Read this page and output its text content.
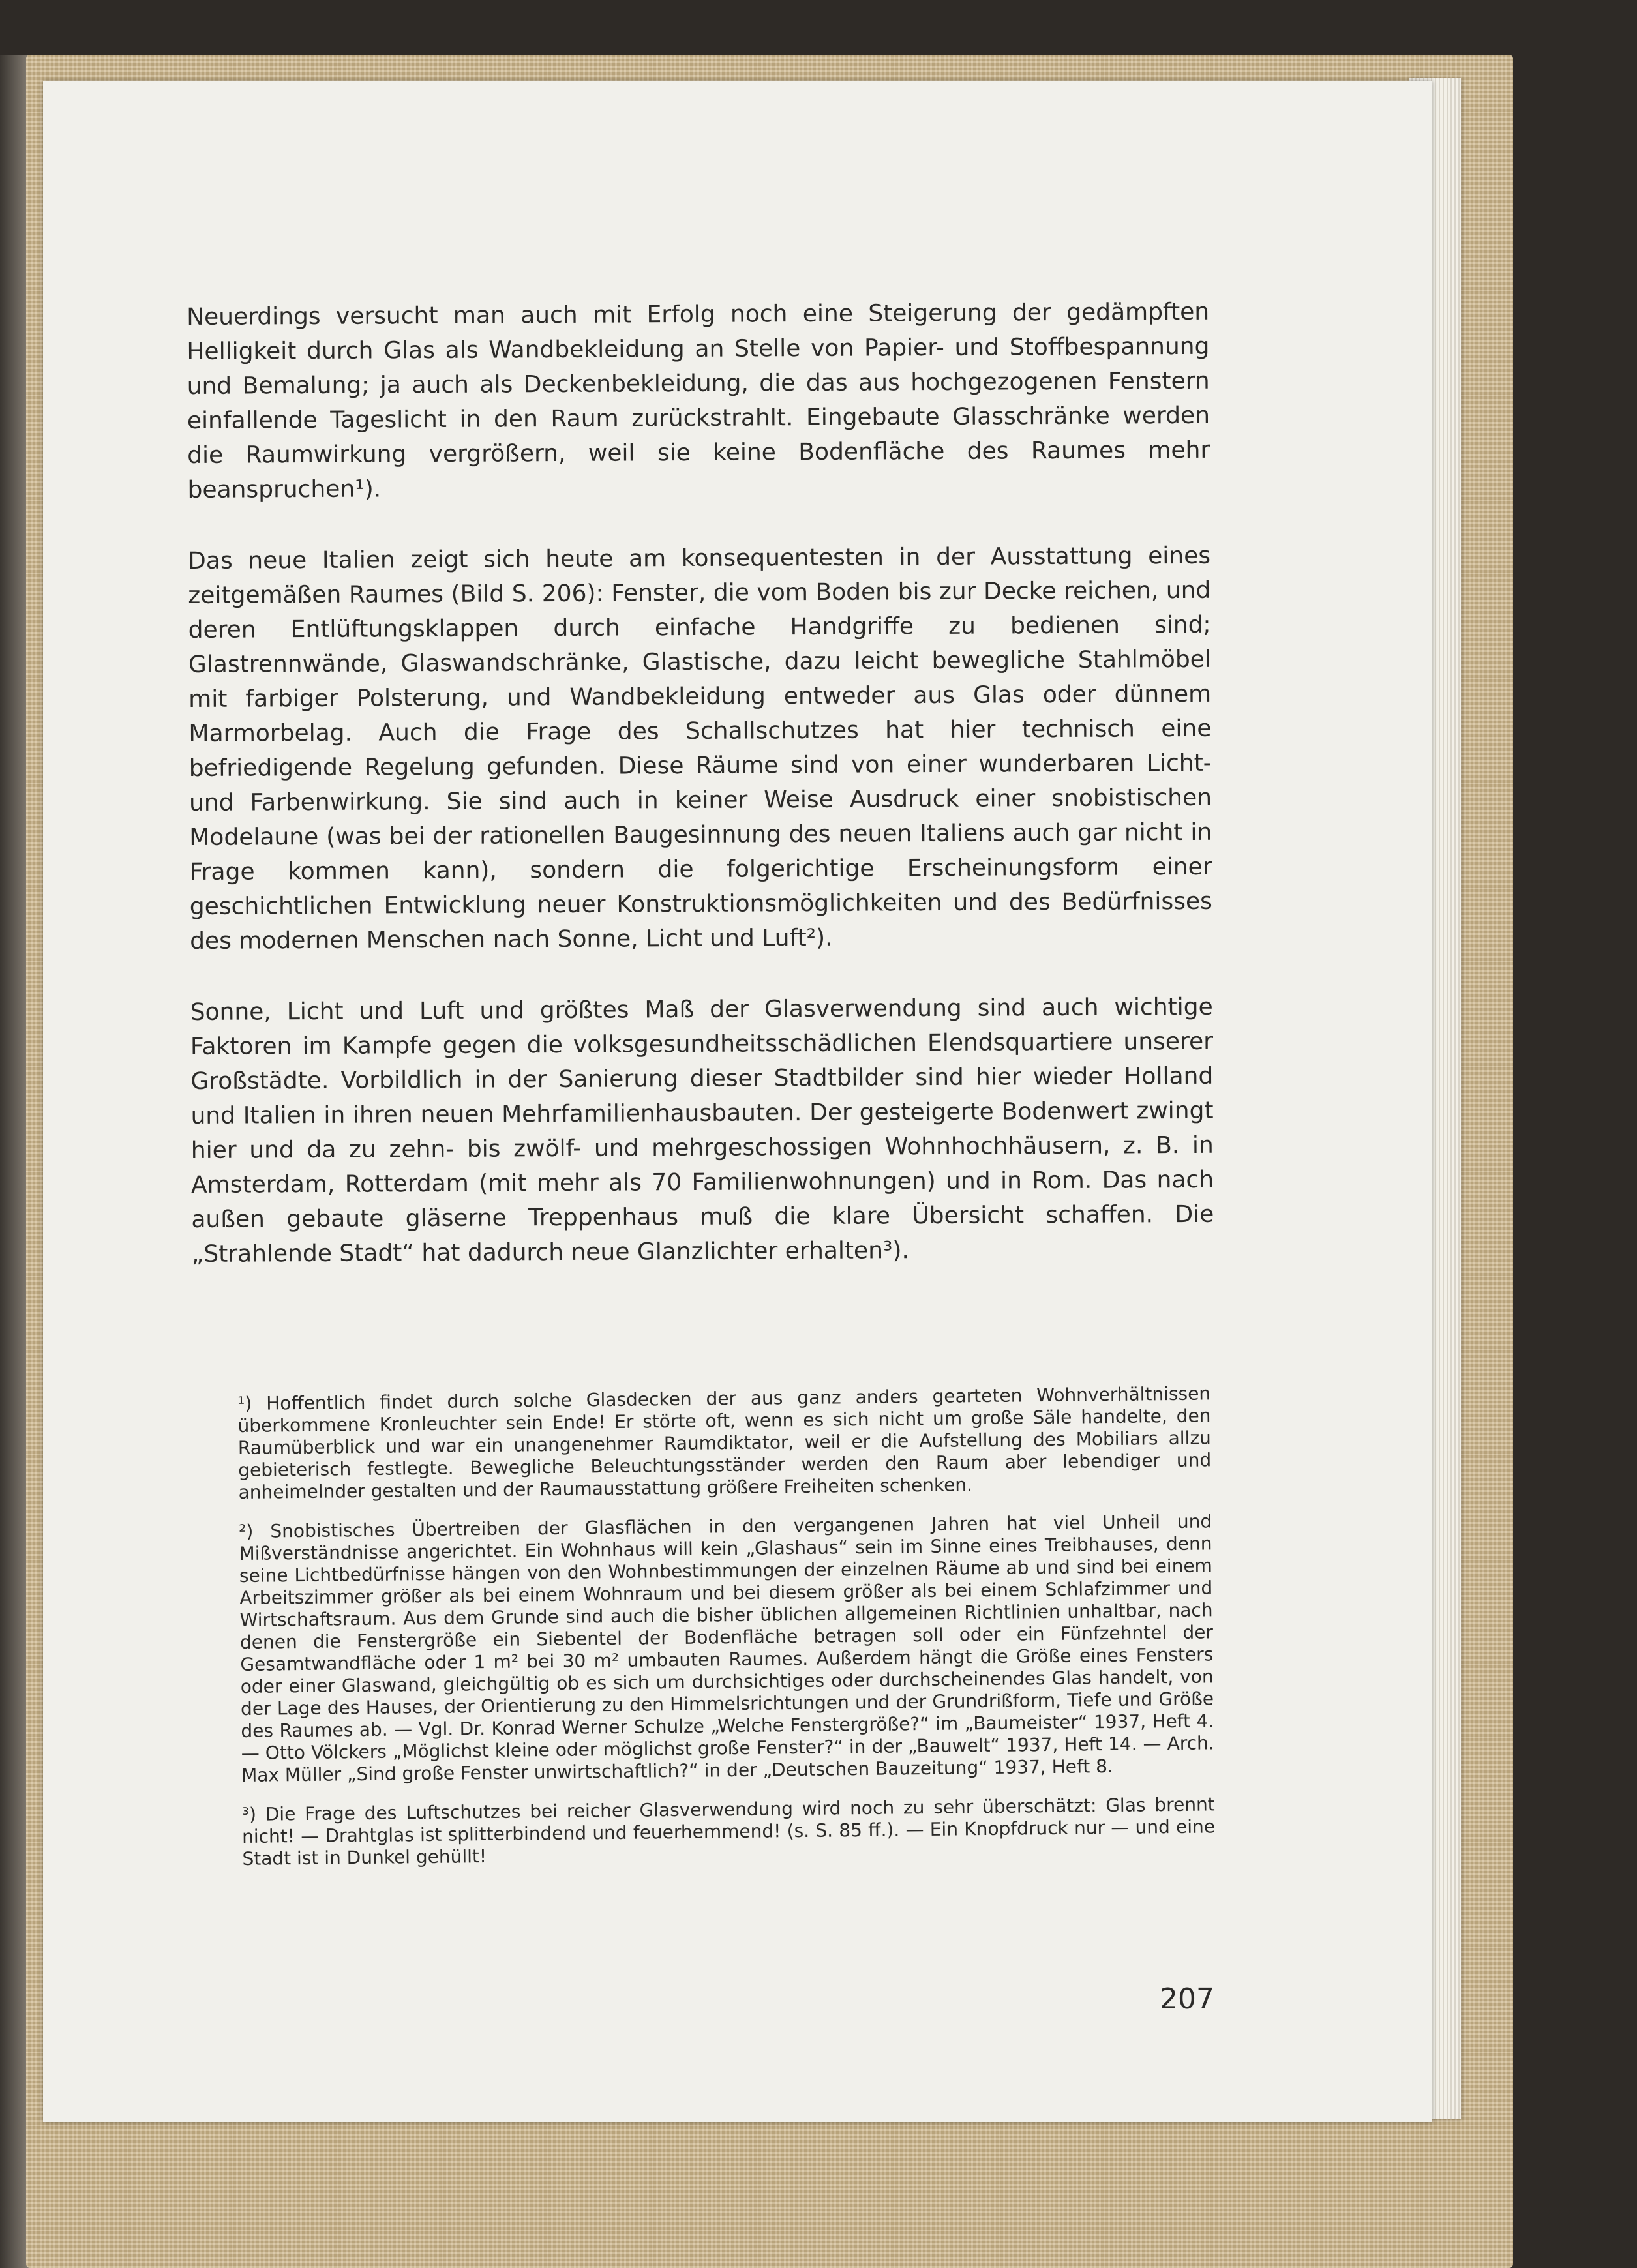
Neuerdings versucht man auch mit Erfolg noch eine Steigerung der gedämpften Helligkeit durch Glas als Wandbekleidung an Stelle von Papier- und Stoffbespannung und Bemalung; ja auch als Deckenbekleidung, die das aus hochgezogenen Fenstern einfallende Tageslicht in den Raum zurückstrahlt. Eingebaute Glasschränke werden die Raumwirkung vergrößern, weil sie keine Bodenfläche des Raumes mehr beanspruchen¹).

Das neue Italien zeigt sich heute am konsequentesten in der Ausstattung eines zeitgemäßen Raumes (Bild S. 206): Fenster, die vom Boden bis zur Decke reichen, und deren Entlüftungsklappen durch einfache Handgriffe zu bedienen sind; Glastrennwände, Glaswandschränke, Glastische, dazu leicht bewegliche Stahlmöbel mit farbiger Polsterung, und Wandbekleidung entweder aus Glas oder dünnem Marmorbelag. Auch die Frage des Schallschutzes hat hier technisch eine befriedigende Regelung gefunden. Diese Räume sind von einer wunderbaren Licht- und Farbenwirkung. Sie sind auch in keiner Weise Ausdruck einer snobistischen Modelaune (was bei der rationellen Baugesinnung des neuen Italiens auch gar nicht in Frage kommen kann), sondern die folgerichtige Erscheinungsform einer geschichtlichen Entwicklung neuer Konstruktionsmöglichkeiten und des Bedürfnisses des modernen Menschen nach Sonne, Licht und Luft²).

Sonne, Licht und Luft und größtes Maß der Glasverwendung sind auch wichtige Faktoren im Kampfe gegen die volksgesundheitsschädlichen Elendsquartiere unserer Großstädte. Vorbildlich in der Sanierung dieser Stadtbilder sind hier wieder Holland und Italien in ihren neuen Mehrfamilienhausbauten. Der gesteigerte Bodenwert zwingt hier und da zu zehn- bis zwölf- und mehrgeschossigen Wohnhochhäusern, z. B. in Amsterdam, Rotterdam (mit mehr als 70 Familienwohnungen) und in Rom. Das nach außen gebaute gläserne Treppenhaus muß die klare Übersicht schaffen. Die „Strahlende Stadt“ hat dadurch neue Glanzlichter erhalten³).

¹) Hoffentlich findet durch solche Glasdecken der aus ganz anders gearteten Wohnverhältnissen überkommene Kronleuchter sein Ende! Er störte oft, wenn es sich nicht um große Säle handelte, den Raumüberblick und war ein unangenehmer Raumdiktator, weil er die Aufstellung des Mobiliars allzu gebieterisch festlegte. Bewegliche Beleuchtungsständer werden den Raum aber lebendiger und anheimelnder gestalten und der Raumausstattung größere Freiheiten schenken.

²) Snobistisches Übertreiben der Glasflächen in den vergangenen Jahren hat viel Unheil und Mißverständnisse angerichtet. Ein Wohnhaus will kein „Glashaus“ sein im Sinne eines Treibhauses, denn seine Lichtbedürfnisse hängen von den Wohnbestimmungen der einzelnen Räume ab und sind bei einem Arbeitszimmer größer als bei einem Wohnraum und bei diesem größer als bei einem Schlafzimmer und Wirtschaftsraum. Aus dem Grunde sind auch die bisher üblichen allgemeinen Richtlinien unhaltbar, nach denen die Fenstergröße ein Siebentel der Bodenfläche betragen soll oder ein Fünfzehntel der Gesamtwandfläche oder 1 m² bei 30 m² umbauten Raumes. Außerdem hängt die Größe eines Fensters oder einer Glaswand, gleichgültig ob es sich um durchsichtiges oder durchscheinendes Glas handelt, von der Lage des Hauses, der Orientierung zu den Himmelsrichtungen und der Grundrißform, Tiefe und Größe des Raumes ab. — Vgl. Dr. Konrad Werner Schulze „Welche Fenstergröße?“ im „Baumeister“ 1937, Heft 4. — Otto Völckers „Möglichst kleine oder möglichst große Fenster?“ in der „Bauwelt“ 1937, Heft 14. — Arch. Max Müller „Sind große Fenster unwirtschaftlich?“ in der „Deutschen Bauzeitung“ 1937, Heft 8.

³) Die Frage des Luftschutzes bei reicher Glasverwendung wird noch zu sehr überschätzt: Glas brennt nicht! — Drahtglas ist splitterbindend und feuerhemmend! (s. S. 85 ff.). — Ein Knopfdruck nur — und eine Stadt ist in Dunkel gehüllt!

207
